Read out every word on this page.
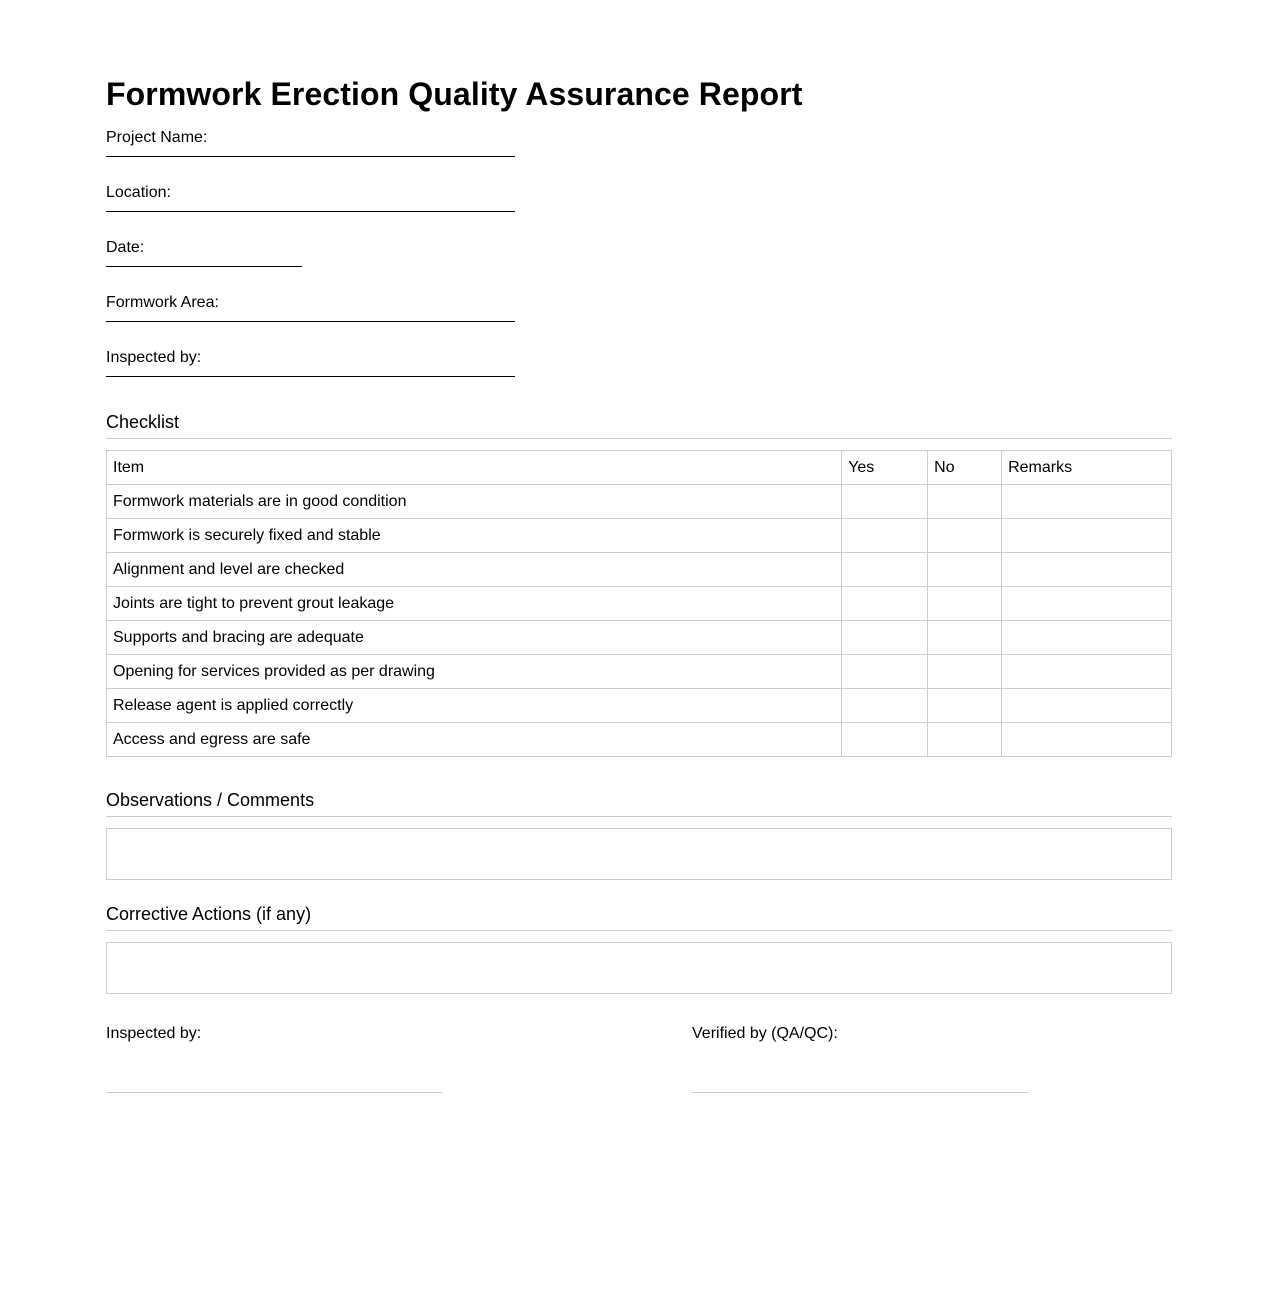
Formwork Erection Quality Assurance Report
Project Name:
Location:
Date:
Formwork Area:
Inspected by:
Checklist
Item	Yes	No	Remarks
Formwork materials are in good condition			
Formwork is securely fixed and stable			
Alignment and level are checked			
Joints are tight to prevent grout leakage			
Supports and bracing are adequate			
Opening for services provided as per drawing			
Release agent is applied correctly			
Access and egress are safe			
Observations / Comments
Corrective Actions (if any)
Inspected by:	Verified by (QA/QC):
